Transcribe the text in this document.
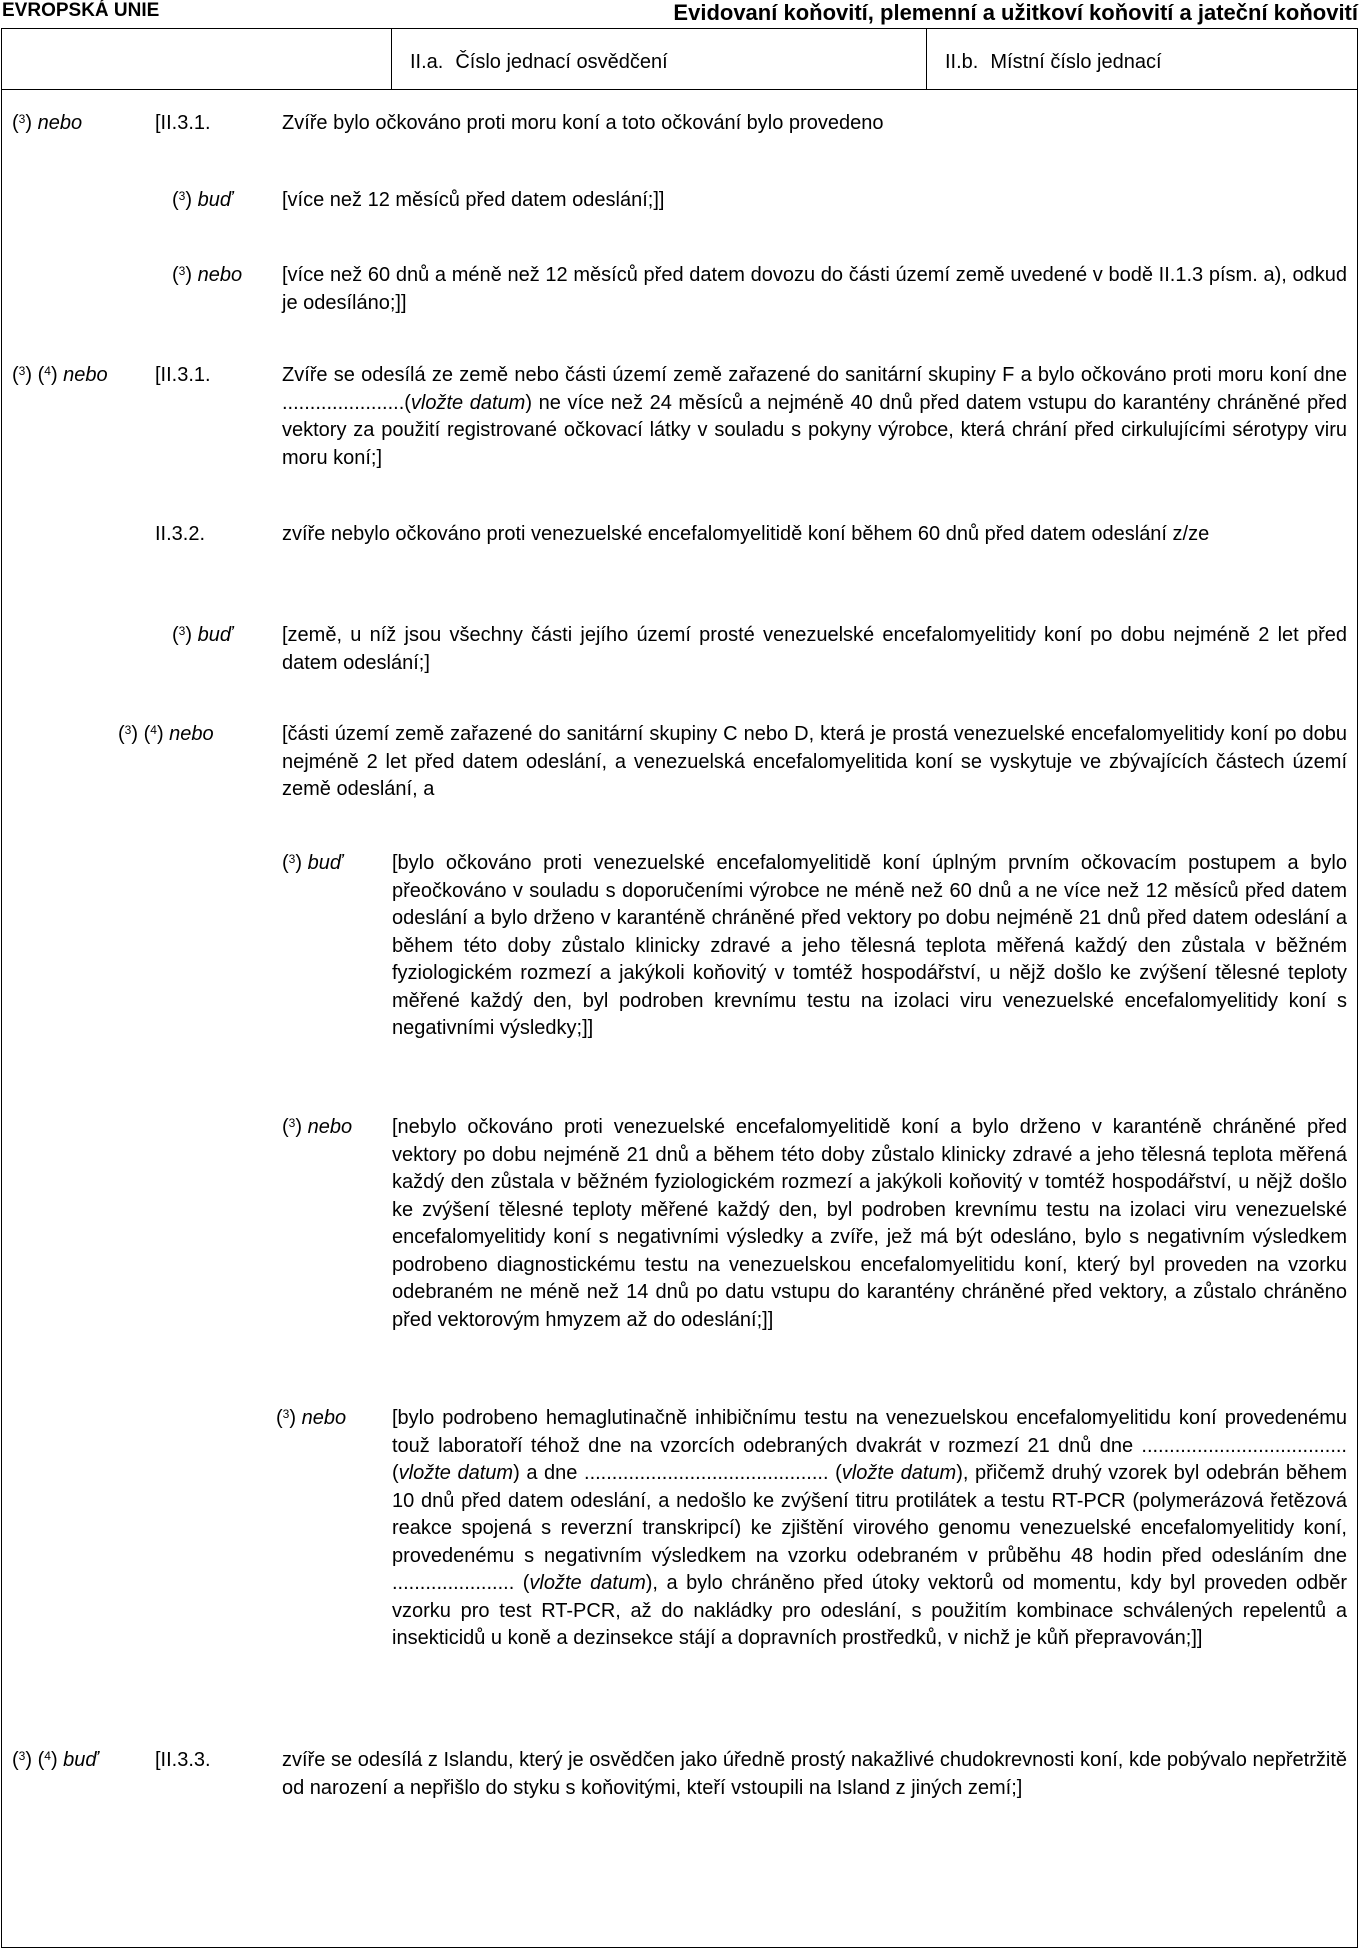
EVROPSKÁ UNIE	Evidovaní koňovití, plemenní a užitkoví koňovití a jateční koňovití
II.a. Číslo jednací osvědčení	II.b. Místní číslo jednací
($^3$) nebo	[II.3.1.	Zvíře bylo očkováno proti moru koní a toto očkování bylo provedeno
($^3$) buď [více než 12 měsíců před datem odeslání;]]
($^3$) nebo [více než 60 dnů a méně než 12 měsíců před datem dovozu do části území země uvedené v bodě II.1.3 písm. a), odkud je odesíláno;]]
($^3$) ($^4$) nebo [II.3.1.	Zvíře se odesílá ze země nebo části území země zařazené do sanitární skupiny F a bylo očkováno proti moru koní dne ......................(vložte datum) ne více než 24 měsíců a nejméně 40 dnů před datem vstupu do karantény chráněné před vektory za použití registrované očkovací látky v souladu s pokyny výrobce, která chrání před cirkulujícími sérotypy viru moru koní;]
II.3.2.	zvíře nebylo očkováno proti venezuelské encefalomyelitidě koní během 60 dnů před datem odeslání z/ze
($^3$) buď [země, u níž jsou všechny části jejího území prosté venezuelské encefalomyelitidy koní po dobu nejméně 2 let před datem odeslání;]
($^3$) ($^4$) nebo	[části území země zařazené do sanitární skupiny C nebo D, která je prostá venezuelské encefalomyelitidy koní po dobu nejméně 2 let před datem odeslání, a venezuelská encefalomyelitida koní se vyskytuje ve zbývajících částech území země odeslání, a
($^3$) buď [bylo očkováno proti venezuelské encefalomyelitidě koní úplným prvním očkovacím postupem a bylo přeočkováno v souladu s doporučeními výrobce ne méně než 60 dnů a ne více než 12 měsíců před datem odeslání a bylo drženo v karanténě chráněné před vektory po dobu nejméně 21 dnů před datem odeslání a během této doby zůstalo klinicky zdravé a jeho tělesná teplota měřená každý den zůstala v běžném fyziologickém rozmezí a jakýkoli koňovitý v tomtéž hospodářství, u nějž došlo ke zvýšení tělesné teploty měřené každý den, byl podroben krevnímu testu na izolaci viru venezuelské encefalomyelitidy koní s negativními výsledky;]]
($^3$) nebo [nebylo očkováno proti venezuelské encefalomyelitidě koní a bylo drženo v karanténě chráněné před vektory po dobu nejméně 21 dnů a během této doby zůstalo klinicky zdravé a jeho tělesná teplota měřená každý den zůstala v běžném fyziologickém rozmezí a jakýkoli koňovitý v tomtéž hospodářství, u nějž došlo ke zvýšení tělesné teploty měřené každý den, byl podroben krevnímu testu na izolaci viru venezuelské encefalomyelitidy koní s negativními výsledky a zvíře, jež má být odesláno, bylo s negativním výsledkem podrobeno diagnostickému testu na venezuelskou encefalomyelitidu koní, který byl proveden na vzorku odebraném ne méně než 14 dnů po datu vstupu do karantény chráněné před vektory, a zůstalo chráněno před vektorovým hmyzem až do odeslání;]]
($^3$) nebo [bylo podrobeno hemaglutinačně inhibičnímu testu na venezuelskou encefalomyelitidu koní provedenému touž laboratoří téhož dne na vzorcích odebraných dvakrát v rozmezí 21 dnů dne ..................................... (vložte datum) a dne ............................................ (vložte datum), přičemž druhý vzorek byl odebrán během 10 dnů před datem odeslání, a nedošlo ke zvýšení titru protilátek a testu RT-PCR (polymerázová řetězová reakce spojená s reverzní transkripcí) ke zjištění virového genomu venezuelské encefalomyelitidy koní, provedenému s negativním výsledkem na vzorku odebraném v průběhu 48 hodin před odesláním dne ...................... (vložte datum), a bylo chráněno před útoky vektorů od momentu, kdy byl proveden odběr vzorku pro test RT-PCR, až do nakládky pro odeslání, s použitím kombinace schválených repelentů a insekticidů u koně a dezinsekce stájí a dopravních prostředků, v nichž je kůň přepravován;]]
($^3$) ($^4$) buď	[II.3.3.	zvíře se odesílá z Islandu, který je osvědčen jako úředně prostý nakažlivé chudokrevnosti koní, kde pobývalo nepřetržitě od narození a nepřišlo do styku s koňovitými, kteří vstoupili na Island z jiných zemí;]
